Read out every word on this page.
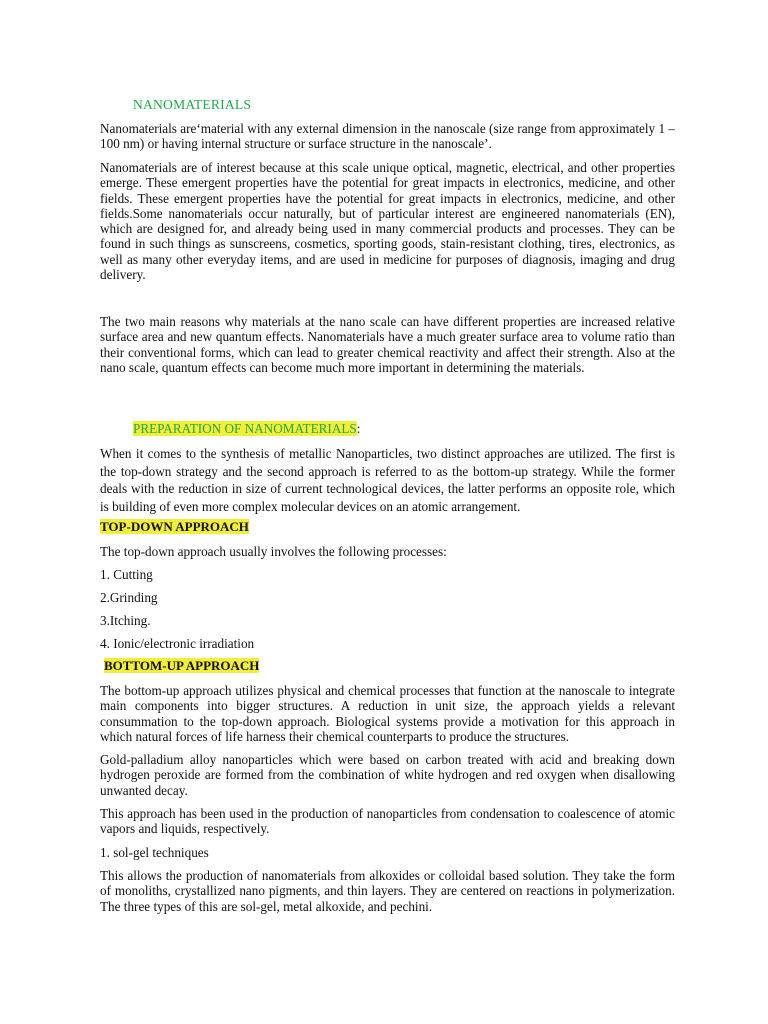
NANOMATERIALS

Nanomaterials are‘material with any external dimension in the nanoscale (size range from approximately 1 – 100 nm) or having internal structure or surface structure in the nanoscale’.

Nanomaterials are of interest because at this scale unique optical, magnetic, electrical, and other properties emerge. These emergent properties have the potential for great impacts in electronics, medicine, and other fields. These emergent properties have the potential for great impacts in electronics, medicine, and other fields.Some nanomaterials occur naturally, but of particular interest are engineered nanomaterials (EN), which are designed for, and already being used in many commercial products and processes. They can be found in such things as sunscreens, cosmetics, sporting goods, stain-resistant clothing, tires, electronics, as well as many other everyday items, and are used in medicine for purposes of diagnosis, imaging and drug delivery.

The two main reasons why materials at the nano scale can have different properties are increased relative surface area and new quantum effects. Nanomaterials have a much greater surface area to volume ratio than their conventional forms, which can lead to greater chemical reactivity and affect their strength. Also at the nano scale, quantum effects can become much more important in determining the materials.

PREPARATION OF NANOMATERIALS:

When it comes to the synthesis of metallic Nanoparticles, two distinct approaches are utilized. The first is the top-down strategy and the second approach is referred to as the bottom-up strategy. While the former deals with the reduction in size of current technological devices, the latter performs an opposite role, which is building of even more complex molecular devices on an atomic arrangement.

TOP-DOWN APPROACH

The top-down approach usually involves the following processes:

1. Cutting
2.Grinding
3.Itching.
4. Ionic/electronic irradiation
BOTTOM-UP APPROACH

The bottom-up approach utilizes physical and chemical processes that function at the nanoscale to integrate main components into bigger structures. A reduction in unit size, the approach yields a relevant consummation to the top-down approach. Biological systems provide a motivation for this approach in which natural forces of life harness their chemical counterparts to produce the structures.

Gold-palladium alloy nanoparticles which were based on carbon treated with acid and breaking down hydrogen peroxide are formed from the combination of white hydrogen and red oxygen when disallowing unwanted decay.

This approach has been used in the production of nanoparticles from condensation to coalescence of atomic vapors and liquids, respectively.

1. sol-gel techniques

This allows the production of nanomaterials from alkoxides or colloidal based solution. They take the form of monoliths, crystallized nano pigments, and thin layers. They are centered on reactions in polymerization. The three types of this are sol-gel, metal alkoxide, and pechini.
